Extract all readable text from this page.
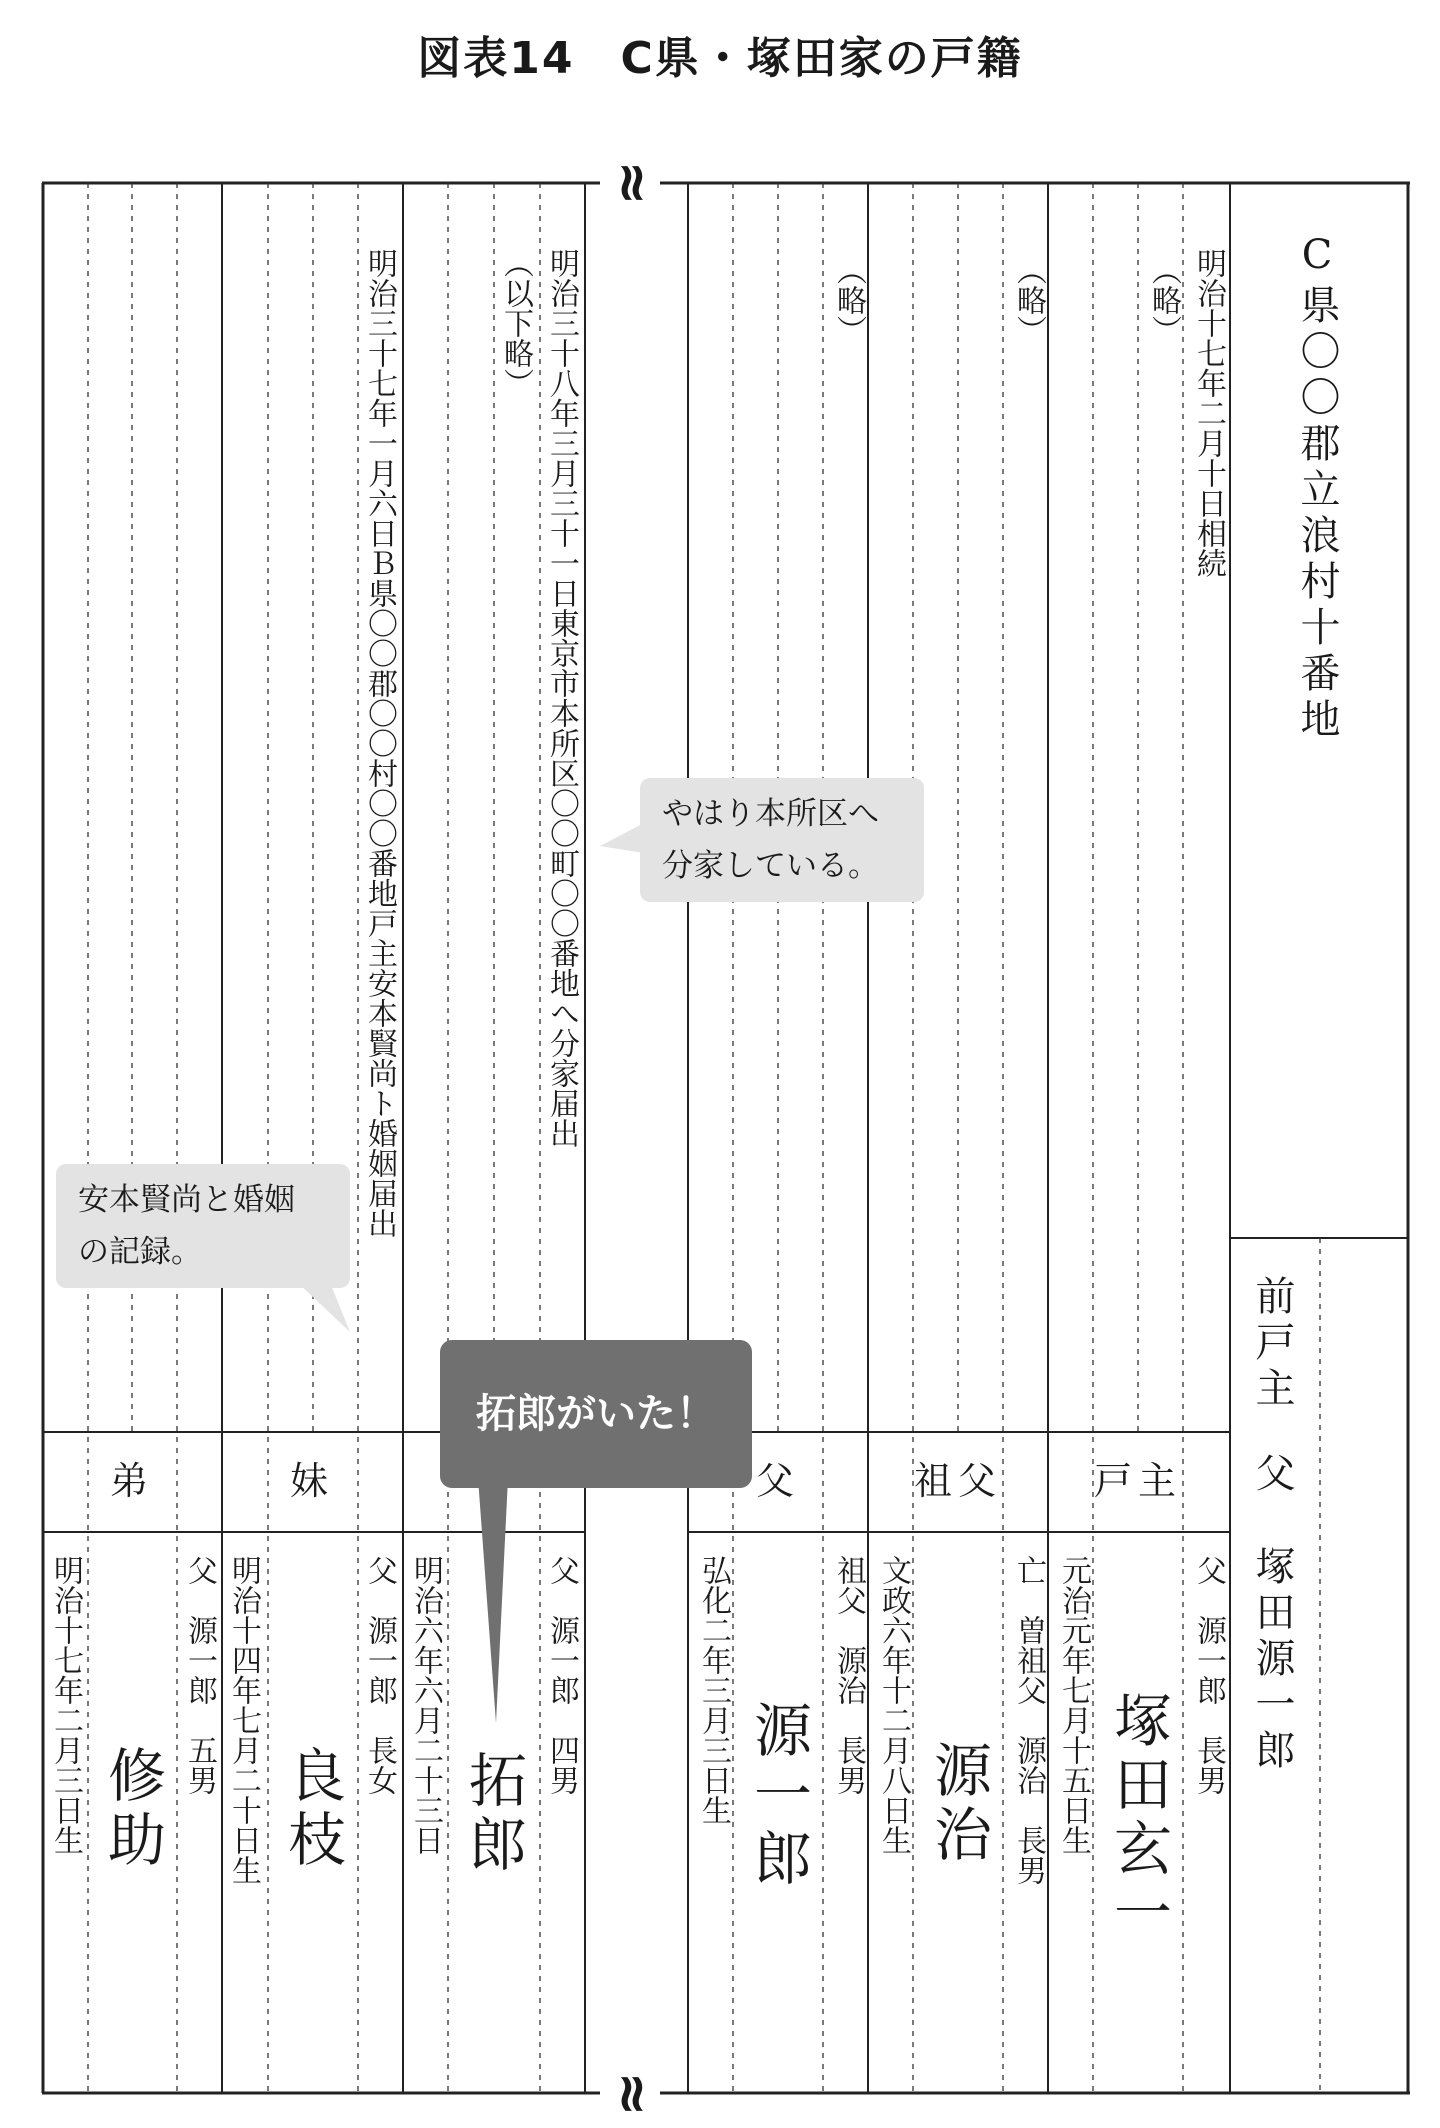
図表14　C県・塚田家の戸籍
≈
≈
C県〇〇郡立浪村十番地
前戸主
父
塚田源一郎
明治十七年二月十日相続
（略）
（略）
（略）
明治三十八年三月三十一日東京市本所区〇〇町〇〇番地へ分家届出
（以下略）
明治三十七年一月六日Ｂ県〇〇郡〇〇村〇〇番地戸主安本賢尚ト婚姻届出
戸主
祖父
父
妹
弟
父　源一郎　長男
塚田玄一
元治元年七月十五日生
亡　曽祖父　源治　長男
源治
文政六年十二月八日生
祖父　源治　長男
源一郎
弘化二年三月三日生
父　源一郎　四男
拓郎
明治六年六月二十三日
父　源一郎　長女
良枝
明治十四年七月二十日生
父　源一郎　五男
修助
明治十七年二月三日生
やはり本所区へ
分家している。
安本賢尚と婚姻
の記録。
拓郎がいた！
